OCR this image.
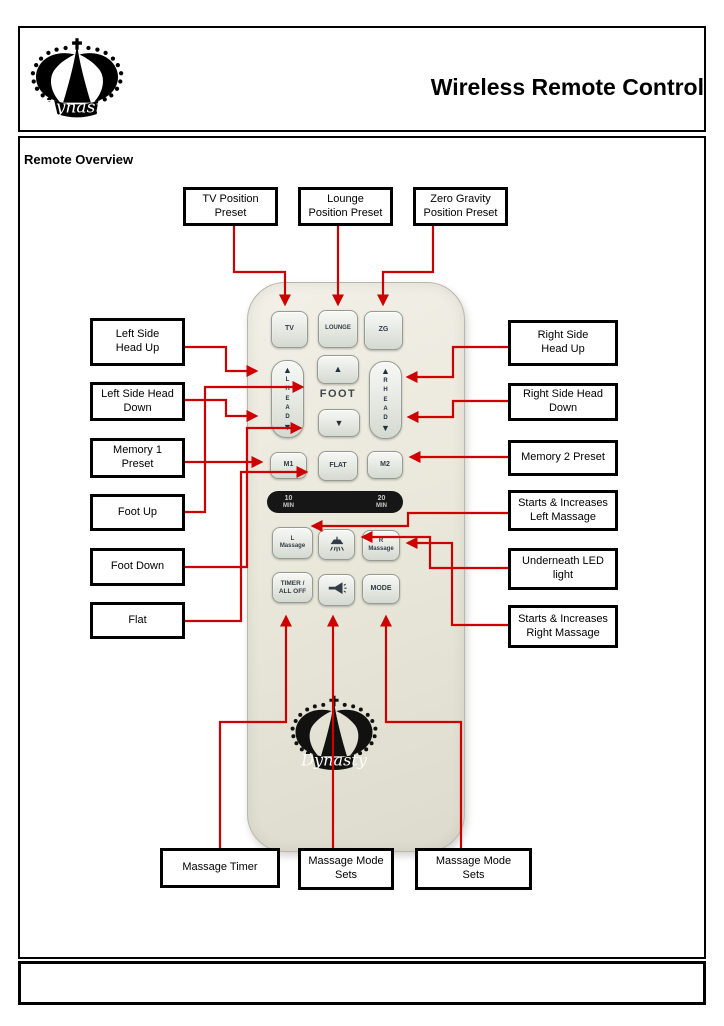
Wireless Remote Control
Remote Overview
TV	LOUNGE	ZG
▲
L
H
E
A
D
▼
▲
FOOT
▼
▲
R
H
E
A
D
▼
M1	FLAT	M2
10
MIN
20
MIN
L
Massage
R
Massage
TIMER /
ALL OFF	MODE
TV Position
Preset
Lounge
Position Preset
Zero Gravity
Position Preset
Left Side
Head Up
Left Side Head
Down
Memory 1
Preset
Foot Up
Foot Down
Flat
Right Side
Head Up
Right Side Head
Down
Memory 2 Preset
Starts & Increases
Left Massage
Underneath LED
light
Starts & Increases
Right Massage
Massage Timer	Massage Mode
Sets
Massage Mode
Sets
